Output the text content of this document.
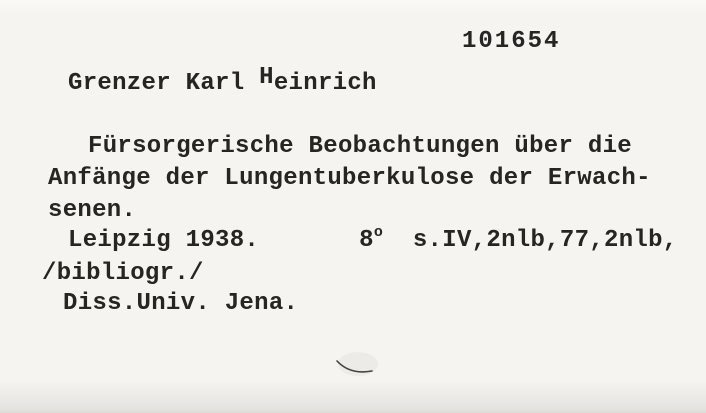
101654
Grenzer Karl Heinrich
Fürsorgerische Beobachtungen über die
Anfänge der Lungentuberkulose der Erwach-
senen.
Leipzig 1938.	8$^o$ s.IV,2nlb,77,2nlb,
/bibliogr./
Diss.Univ. Jena.
